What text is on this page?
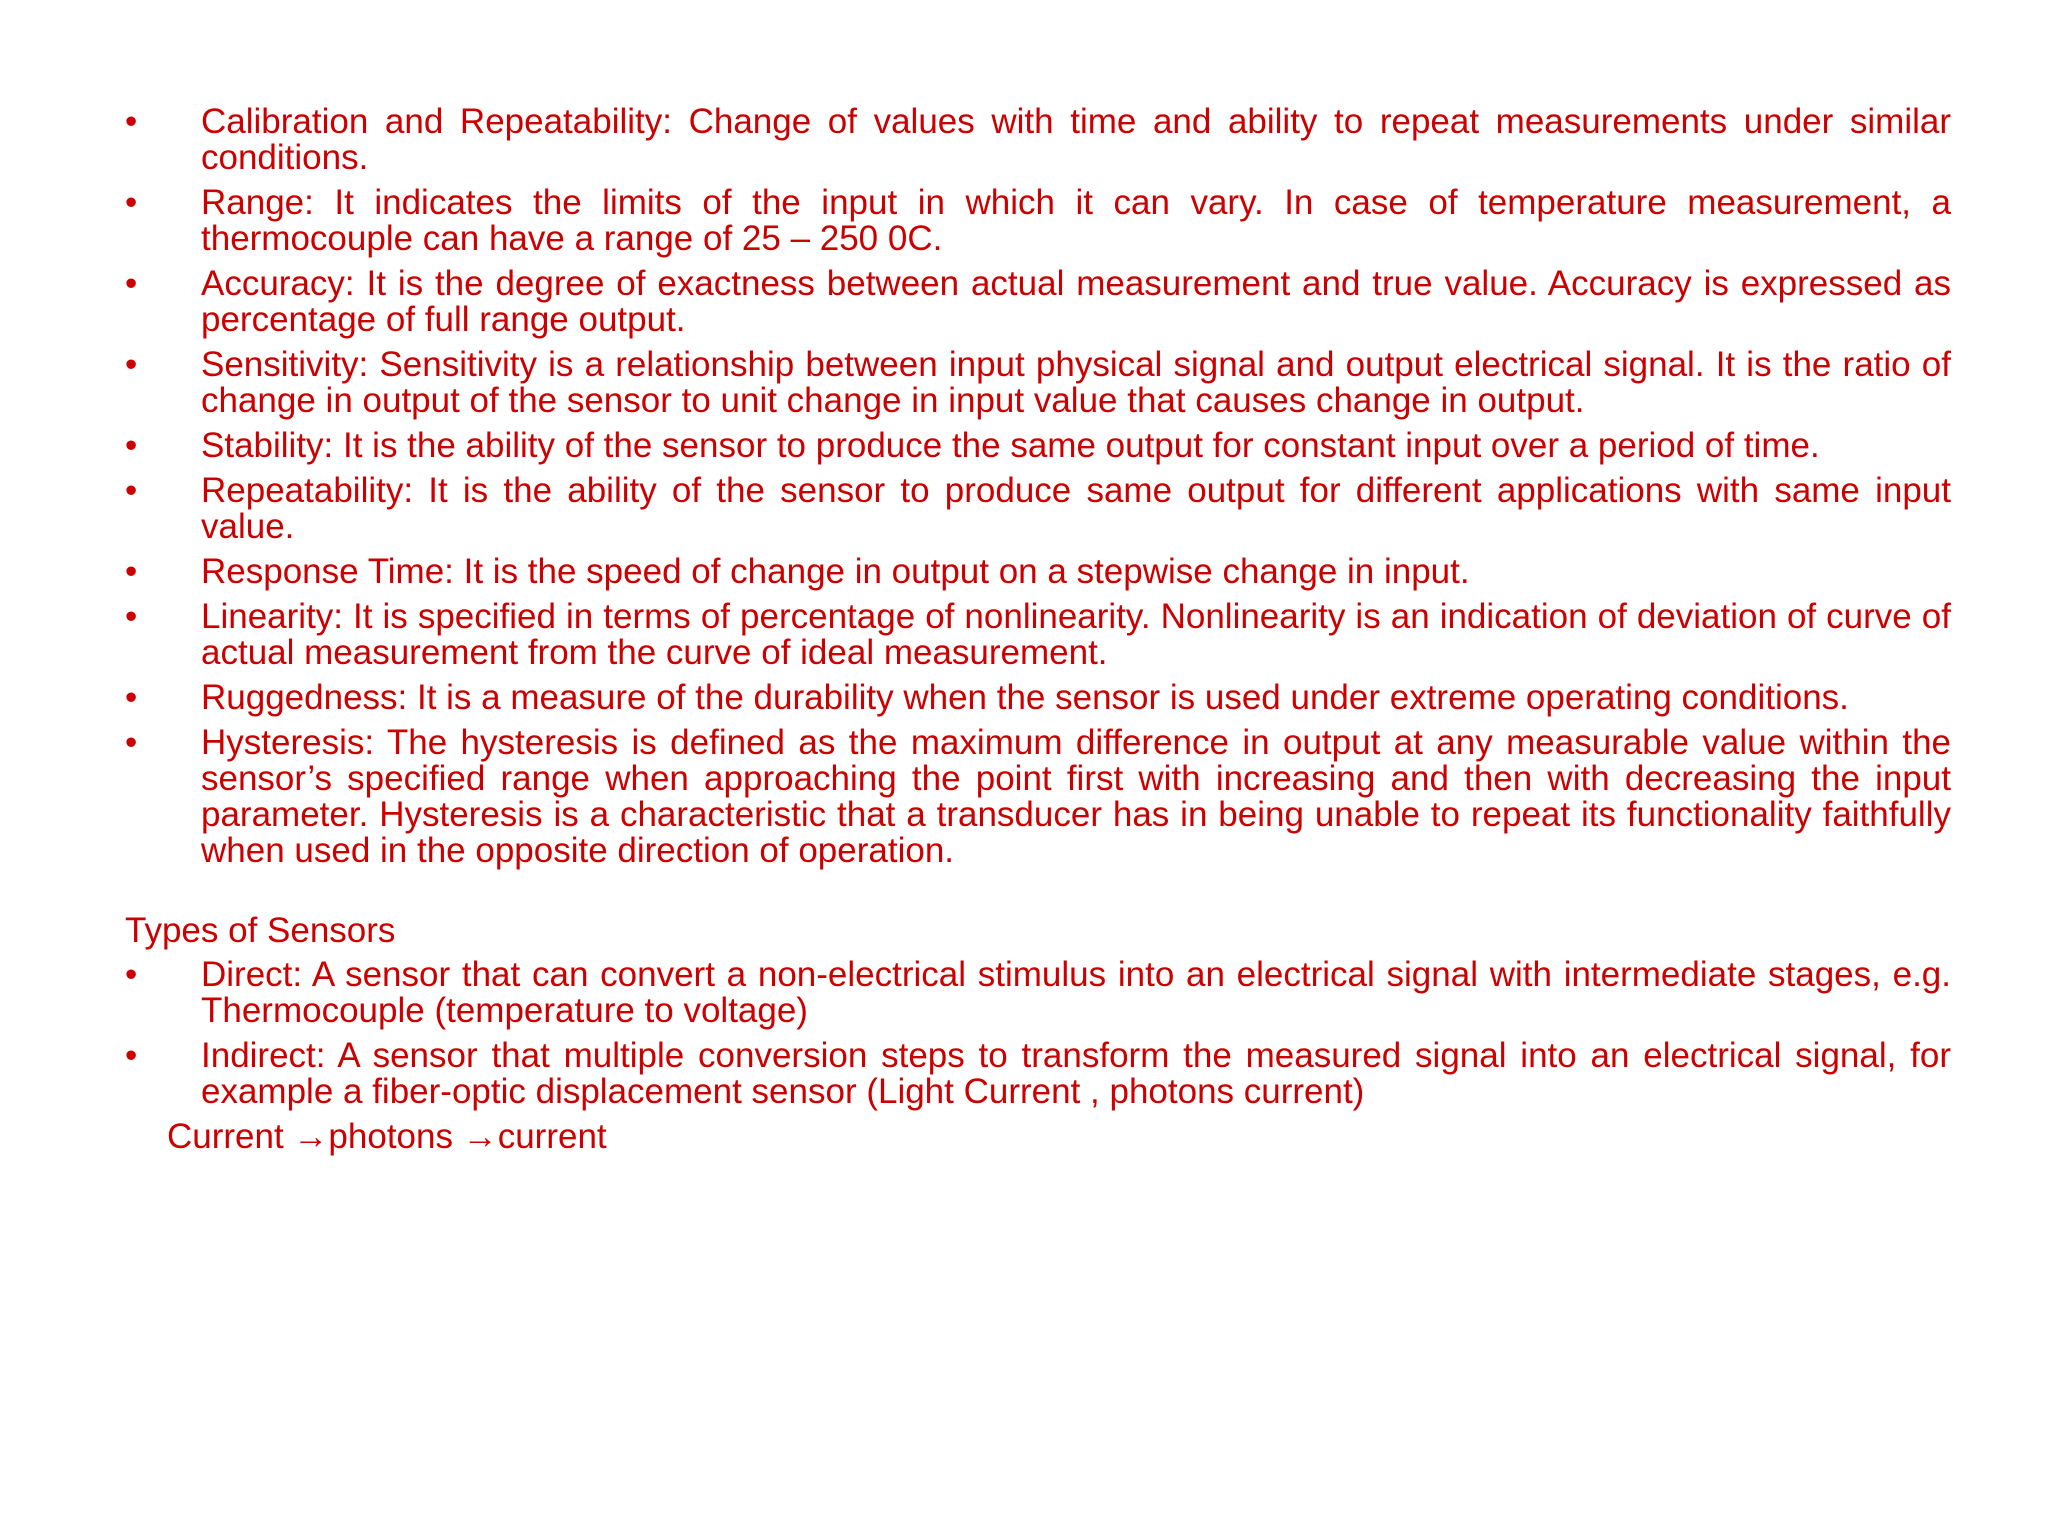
• Calibration and Repeatability: Change of values with time and ability to repeat measurements under similar conditions.
• Range: It indicates the limits of the input in which it can vary. In case of temperature measurement, a thermocouple can have a range of 25 – 250 0C.
• Accuracy: It is the degree of exactness between actual measurement and true value. Accuracy is expressed as percentage of full range output.
• Sensitivity: Sensitivity is a relationship between input physical signal and output electrical signal. It is the ratio of change in output of the sensor to unit change in input value that causes change in output.
• Stability: It is the ability of the sensor to produce the same output for constant input over a period of time.
• Repeatability: It is the ability of the sensor to produce same output for different applications with same input value.
• Response Time: It is the speed of change in output on a stepwise change in input.
• Linearity: It is specified in terms of percentage of nonlinearity. Nonlinearity is an indication of deviation of curve of actual measurement from the curve of ideal measurement.
• Ruggedness: It is a measure of the durability when the sensor is used under extreme operating conditions.
• Hysteresis: The hysteresis is defined as the maximum difference in output at any measurable value within the sensor’s specified range when approaching the point first with increasing and then with decreasing the input parameter. Hysteresis is a characteristic that a transducer has in being unable to repeat its functionality faithfully when used in the opposite direction of operation.
Types of Sensors
• Direct: A sensor that can convert a non-electrical stimulus into an electrical signal with intermediate stages, e.g. Thermocouple (temperature to voltage)
• Indirect: A sensor that multiple conversion steps to transform the measured signal into an electrical signal, for example a fiber-optic displacement sensor (Light Current , photons current)

Current →photons →current
